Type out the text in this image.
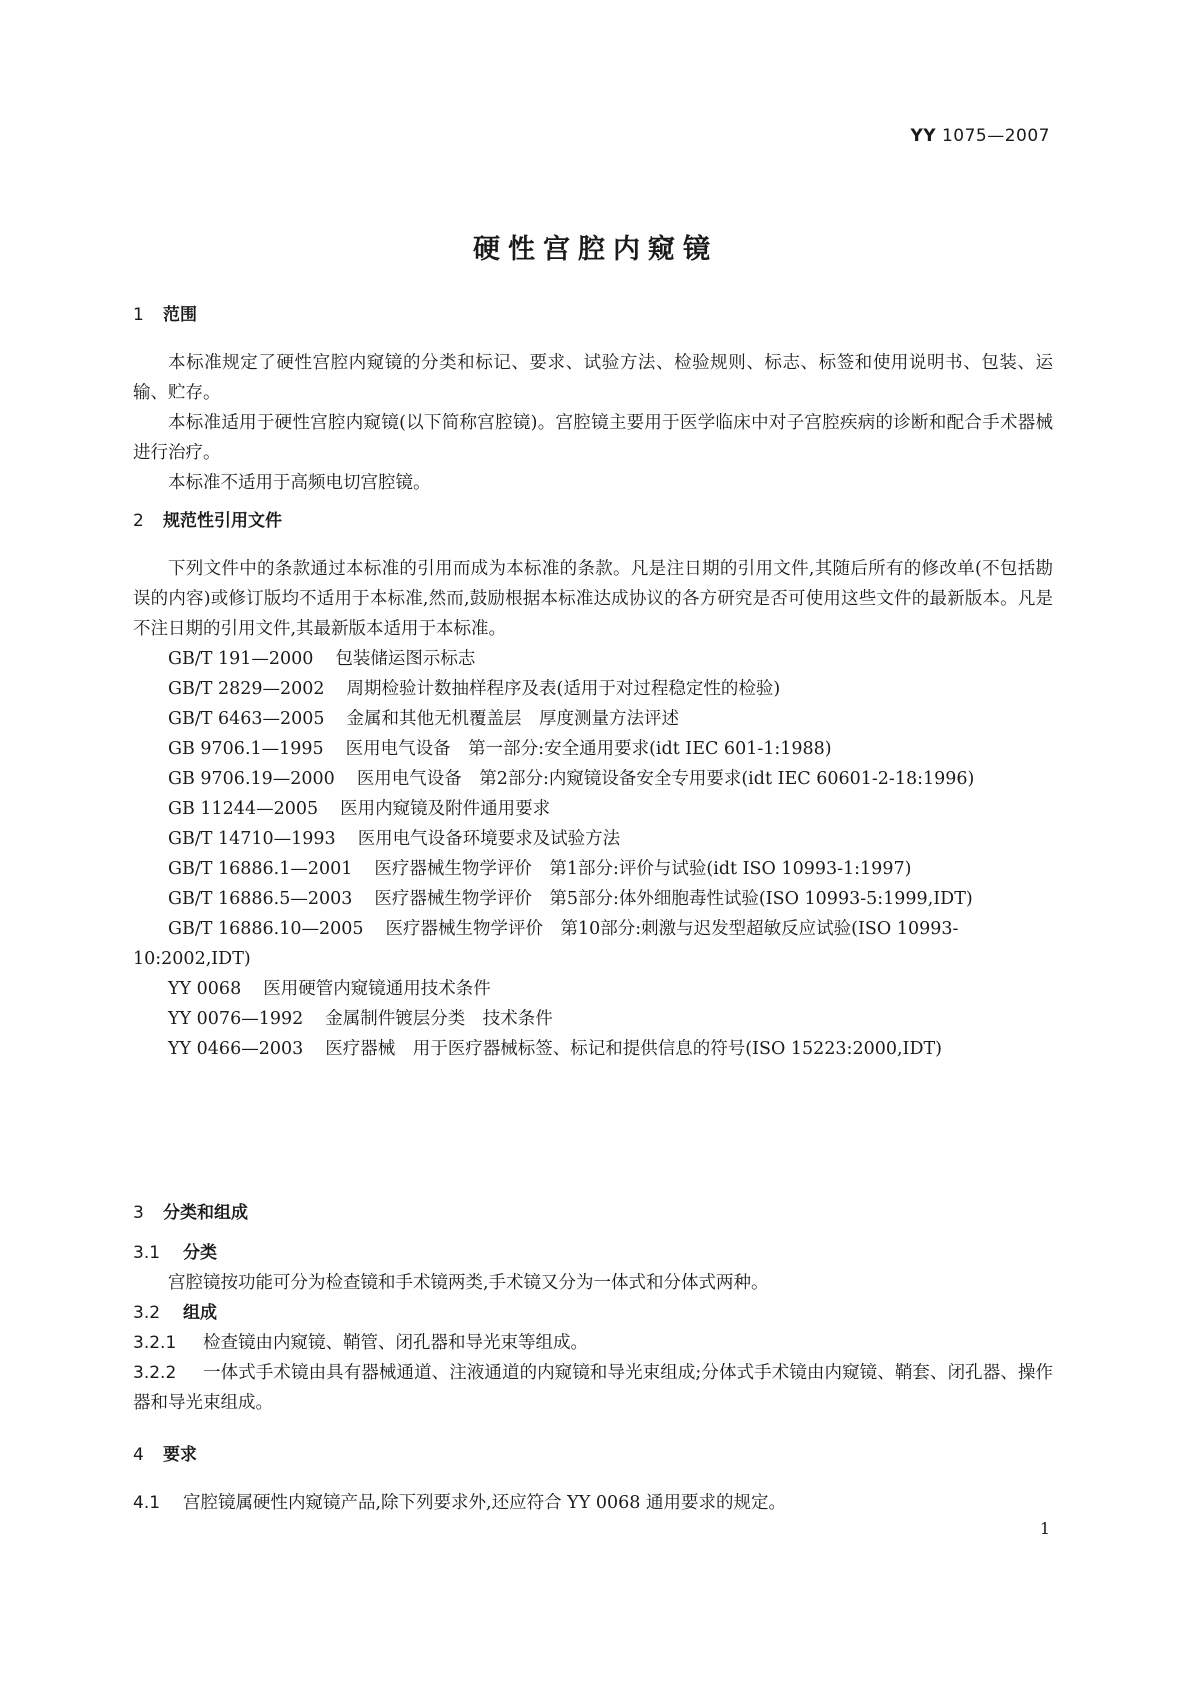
YY 1075—2007
硬性宫腔内窥镜
1 范围
本标准规定了硬性宫腔内窥镜的分类和标记、要求、试验方法、检验规则、标志、标签和使用说明书、包装、运输、贮存。
本标准适用于硬性宫腔内窥镜(以下简称宫腔镜)。宫腔镜主要用于医学临床中对子宫腔疾病的诊断和配合手术器械进行治疗。
本标准不适用于高频电切宫腔镜。
2 规范性引用文件
下列文件中的条款通过本标准的引用而成为本标准的条款。凡是注日期的引用文件,其随后所有的修改单(不包括勘误的内容)或修订版均不适用于本标准,然而,鼓励根据本标准达成协议的各方研究是否可使用这些文件的最新版本。凡是不注日期的引用文件,其最新版本适用于本标准。
GB/T 191—2000 包装储运图示标志
GB/T 2829—2002 周期检验计数抽样程序及表(适用于对过程稳定性的检验)
GB/T 6463—2005 金属和其他无机覆盖层　厚度测量方法评述
GB 9706.1—1995 医用电气设备　第一部分:安全通用要求(idt IEC 601-1:1988)
GB 9706.19—2000 医用电气设备　第2部分:内窥镜设备安全专用要求(idt IEC 60601-2-18:1996)
GB 11244—2005 医用内窥镜及附件通用要求
GB/T 14710—1993 医用电气设备环境要求及试验方法
GB/T 16886.1—2001 医疗器械生物学评价　第1部分:评价与试验(idt ISO 10993-1:1997)
GB/T 16886.5—2003 医疗器械生物学评价　第5部分:体外细胞毒性试验(ISO 10993-5:1999,IDT)
GB/T 16886.10—2005 医疗器械生物学评价　第10部分:刺激与迟发型超敏反应试验(ISO 10993-10:2002,IDT)
YY 0068 医用硬管内窥镜通用技术条件
YY 0076—1992 金属制件镀层分类　技术条件
YY 0466—2003 医疗器械　用于医疗器械标签、标记和提供信息的符号(ISO 15223:2000,IDT)
3 分类和组成
3.1 分类
宫腔镜按功能可分为检查镜和手术镜两类,手术镜又分为一体式和分体式两种。
3.2 组成
3.2.1 检查镜由内窥镜、鞘管、闭孔器和导光束等组成。
3.2.2 一体式手术镜由具有器械通道、注液通道的内窥镜和导光束组成;分体式手术镜由内窥镜、鞘套、闭孔器、操作器和导光束组成。
4 要求
4.1 宫腔镜属硬性内窥镜产品,除下列要求外,还应符合 YY 0068 通用要求的规定。
1
